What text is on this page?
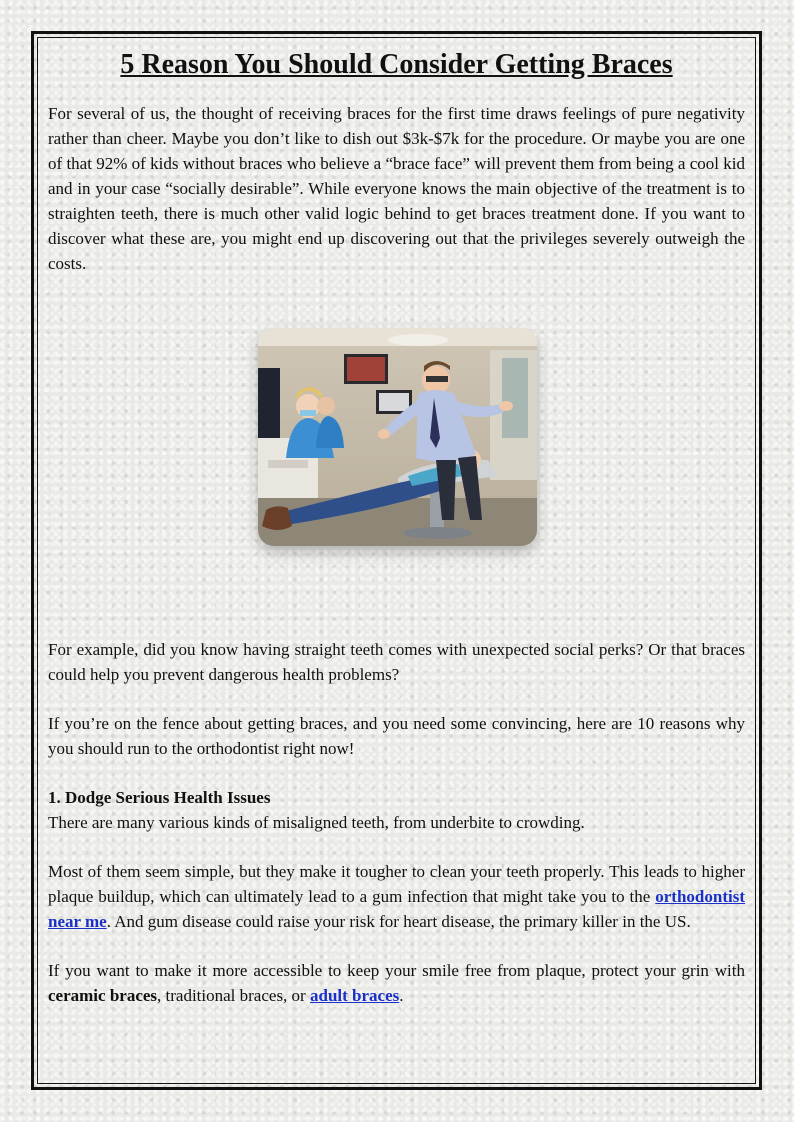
5 Reason You Should Consider Getting Braces

For several of us, the thought of receiving braces for the first time draws feelings of pure negativity rather than cheer. Maybe you don’t like to dish out $3k-$7k for the procedure. Or maybe you are one of that 92% of kids without braces who believe a “brace face” will prevent them from being a cool kid and in your case “socially desirable”. While everyone knows the main objective of the treatment is to straighten teeth, there is much other valid logic behind to get braces treatment done. If you want to discover what these are, you might end up discovering out that the privileges severely outweigh the costs.

For example, did you know having straight teeth comes with unexpected social perks? Or that braces could help you prevent dangerous health problems?

If you’re on the fence about getting braces, and you need some convincing, here are 10 reasons why you should run to the orthodontist right now!

1. Dodge Serious Health Issues

There are many various kinds of misaligned teeth, from underbite to crowding.

Most of them seem simple, but they make it tougher to clean your teeth properly. This leads to higher plaque buildup, which can ultimately lead to a gum infection that might take you to the orthodontist near me. And gum disease could raise your risk for heart disease, the primary killer in the US.

If you want to make it more accessible to keep your smile free from plaque, protect your grin with ceramic braces, traditional braces, or adult braces.
